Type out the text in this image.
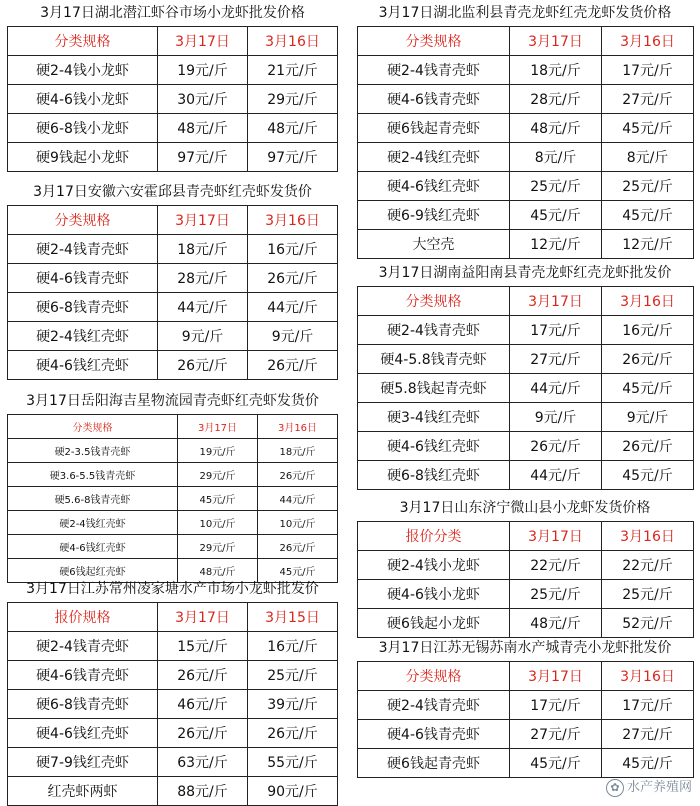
3月17日湖北潜江虾谷市场小龙虾批发价格
分类规格	3月17日	3月16日
硬2-4钱小龙虾	19元/斤	21元/斤
硬4-6钱小龙虾	30元/斤	29元/斤
硬6-8钱小龙虾	48元/斤	48元/斤
硬9钱起小龙虾	97元/斤	97元/斤
3月17日安徽六安霍邱县青壳虾红壳虾发货价
分类规格	3月17日	3月16日
硬2-4钱青壳虾	18元/斤	16元/斤
硬4-6钱青壳虾	28元/斤	26元/斤
硬6-8钱青壳虾	44元/斤	44元/斤
硬2-4钱红壳虾	9元/斤	9元/斤
硬4-6钱红壳虾	26元/斤	26元/斤
3月17日岳阳海吉星物流园青壳虾红壳虾发货价
分类规格	3月17日	3月16日
硬2-3.5钱青壳虾	19元/斤	18元/斤
硬3.6-5.5钱青壳虾	29元/斤	26元/斤
硬5.6-8钱青壳虾	45元/斤	44元/斤
硬2-4钱红壳虾	10元/斤	10元/斤
硬4-6钱红壳虾	29元/斤	26元/斤
硬6钱起红壳虾	48元/斤	45元/斤
3月17日江苏常州凌家塘水产市场小龙虾批发价
报价规格	3月17日	3月15日
硬2-4钱青壳虾	15元/斤	16元/斤
硬4-6钱青壳虾	26元/斤	25元/斤
硬6-8钱青壳虾	46元/斤	39元/斤
硬4-6钱红壳虾	26元/斤	26元/斤
硬7-9钱红壳虾	63元/斤	55元/斤
红壳虾两虾	88元/斤	90元/斤
3月17日湖北监利县青壳龙虾红壳龙虾发货价格
分类规格	3月17日	3月16日
硬2-4钱青壳虾	18元/斤	17元/斤
硬4-6钱青壳虾	28元/斤	27元/斤
硬6钱起青壳虾	48元/斤	45元/斤
硬2-4钱红壳虾	8元/斤	8元/斤
硬4-6钱红壳虾	25元/斤	25元/斤
硬6-9钱红壳虾	45元/斤	45元/斤
大空壳	12元/斤	12元/斤
3月17日湖南益阳南县青壳龙虾红壳龙虾批发价
分类规格	3月17日	3月16日
硬2-4钱青壳虾	17元/斤	16元/斤
硬4-5.8钱青壳虾	27元/斤	26元/斤
硬5.8钱起青壳虾	44元/斤	45元/斤
硬3-4钱红壳虾	9元/斤	9元/斤
硬4-6钱红壳虾	26元/斤	26元/斤
硬6-8钱红壳虾	44元/斤	45元/斤
3月17日山东济宁微山县小龙虾发货价格
报价分类	3月17日	3月16日
硬2-4钱小龙虾	22元/斤	22元/斤
硬4-6钱小龙虾	25元/斤	25元/斤
硬6钱起小龙虾	48元/斤	52元/斤
3月17日江苏无锡苏南水产城青壳小龙虾批发价
分类规格	3月17日	3月16日
硬2-4钱青壳虾	17元/斤	17元/斤
硬4-6钱青壳虾	27元/斤	27元/斤
硬6钱起青壳虾	45元/斤	45元/斤
✿ 水产养殖网
